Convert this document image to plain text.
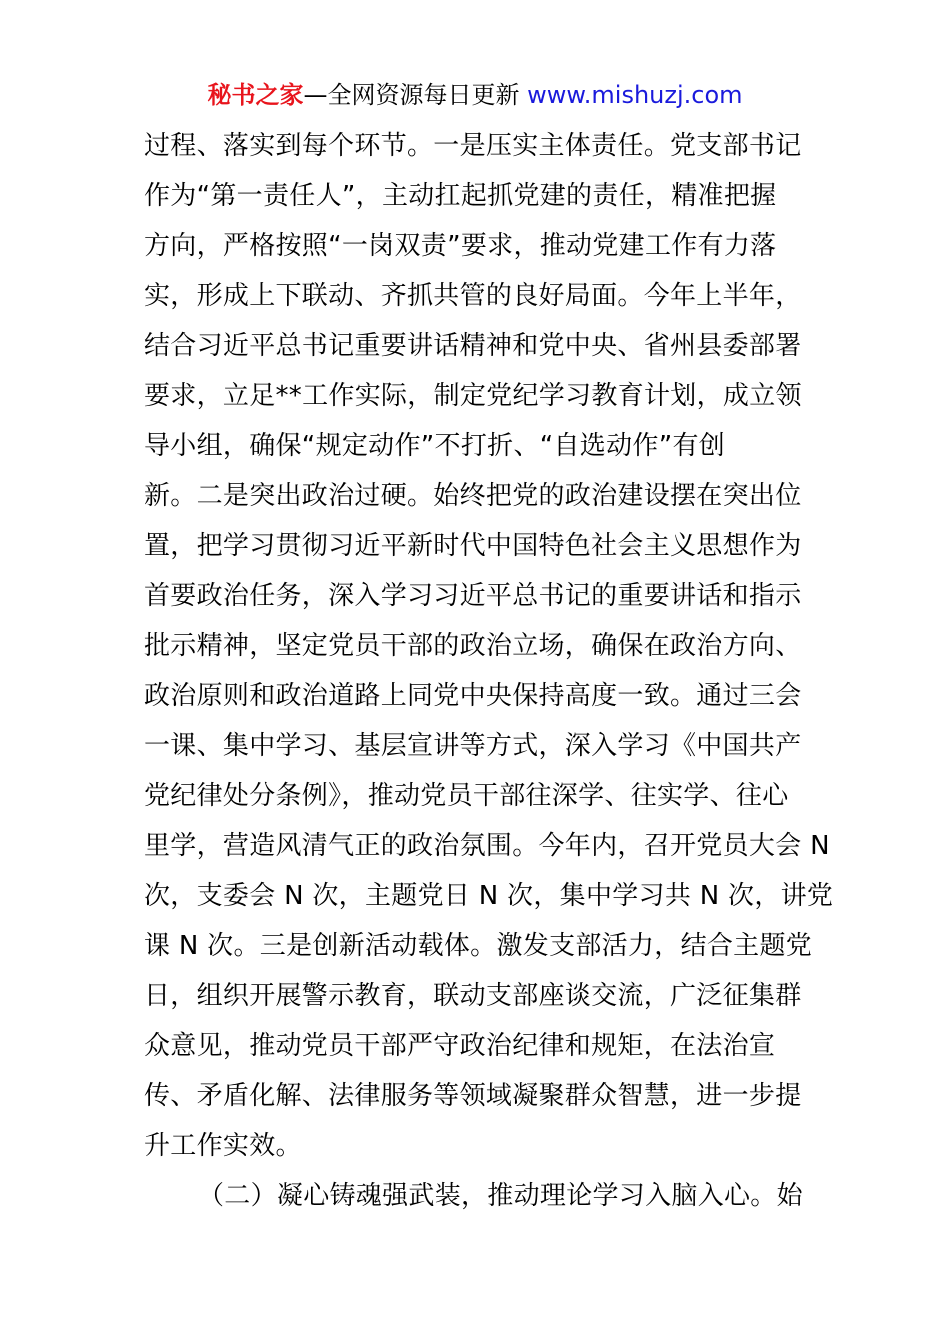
秘书之家—全网资源每日更新 www.mishuzj.com
过程、落实到每个环节。一是压实主体责任。党支部书记
作为“第一责任人”，主动扛起抓党建的责任，精准把握
方向，严格按照“一岗双责”要求，推动党建工作有力落
实，形成上下联动、齐抓共管的良好局面。今年上半年，
结合习近平总书记重要讲话精神和党中央、省州县委部署
要求，立足**工作实际，制定党纪学习教育计划，成立领
导小组，确保“规定动作”不打折、“自选动作”有创
新。二是突出政治过硬。始终把党的政治建设摆在突出位
置，把学习贯彻习近平新时代中国特色社会主义思想作为
首要政治任务，深入学习习近平总书记的重要讲话和指示
批示精神，坚定党员干部的政治立场，确保在政治方向、
政治原则和政治道路上同党中央保持高度一致。通过三会
一课、集中学习、基层宣讲等方式，深入学习《中国共产
党纪律处分条例》，推动党员干部往深学、往实学、往心
里学，营造风清气正的政治氛围。今年内，召开党员大会 N
次，支委会 N 次，主题党日 N 次，集中学习共 N 次，讲党
课 N 次。三是创新活动载体。激发支部活力，结合主题党
日，组织开展警示教育，联动支部座谈交流，广泛征集群
众意见，推动党员干部严守政治纪律和规矩，在法治宣
传、矛盾化解、法律服务等领域凝聚群众智慧，进一步提
升工作实效。
（二）凝心铸魂强武装，推动理论学习入脑入心。始
